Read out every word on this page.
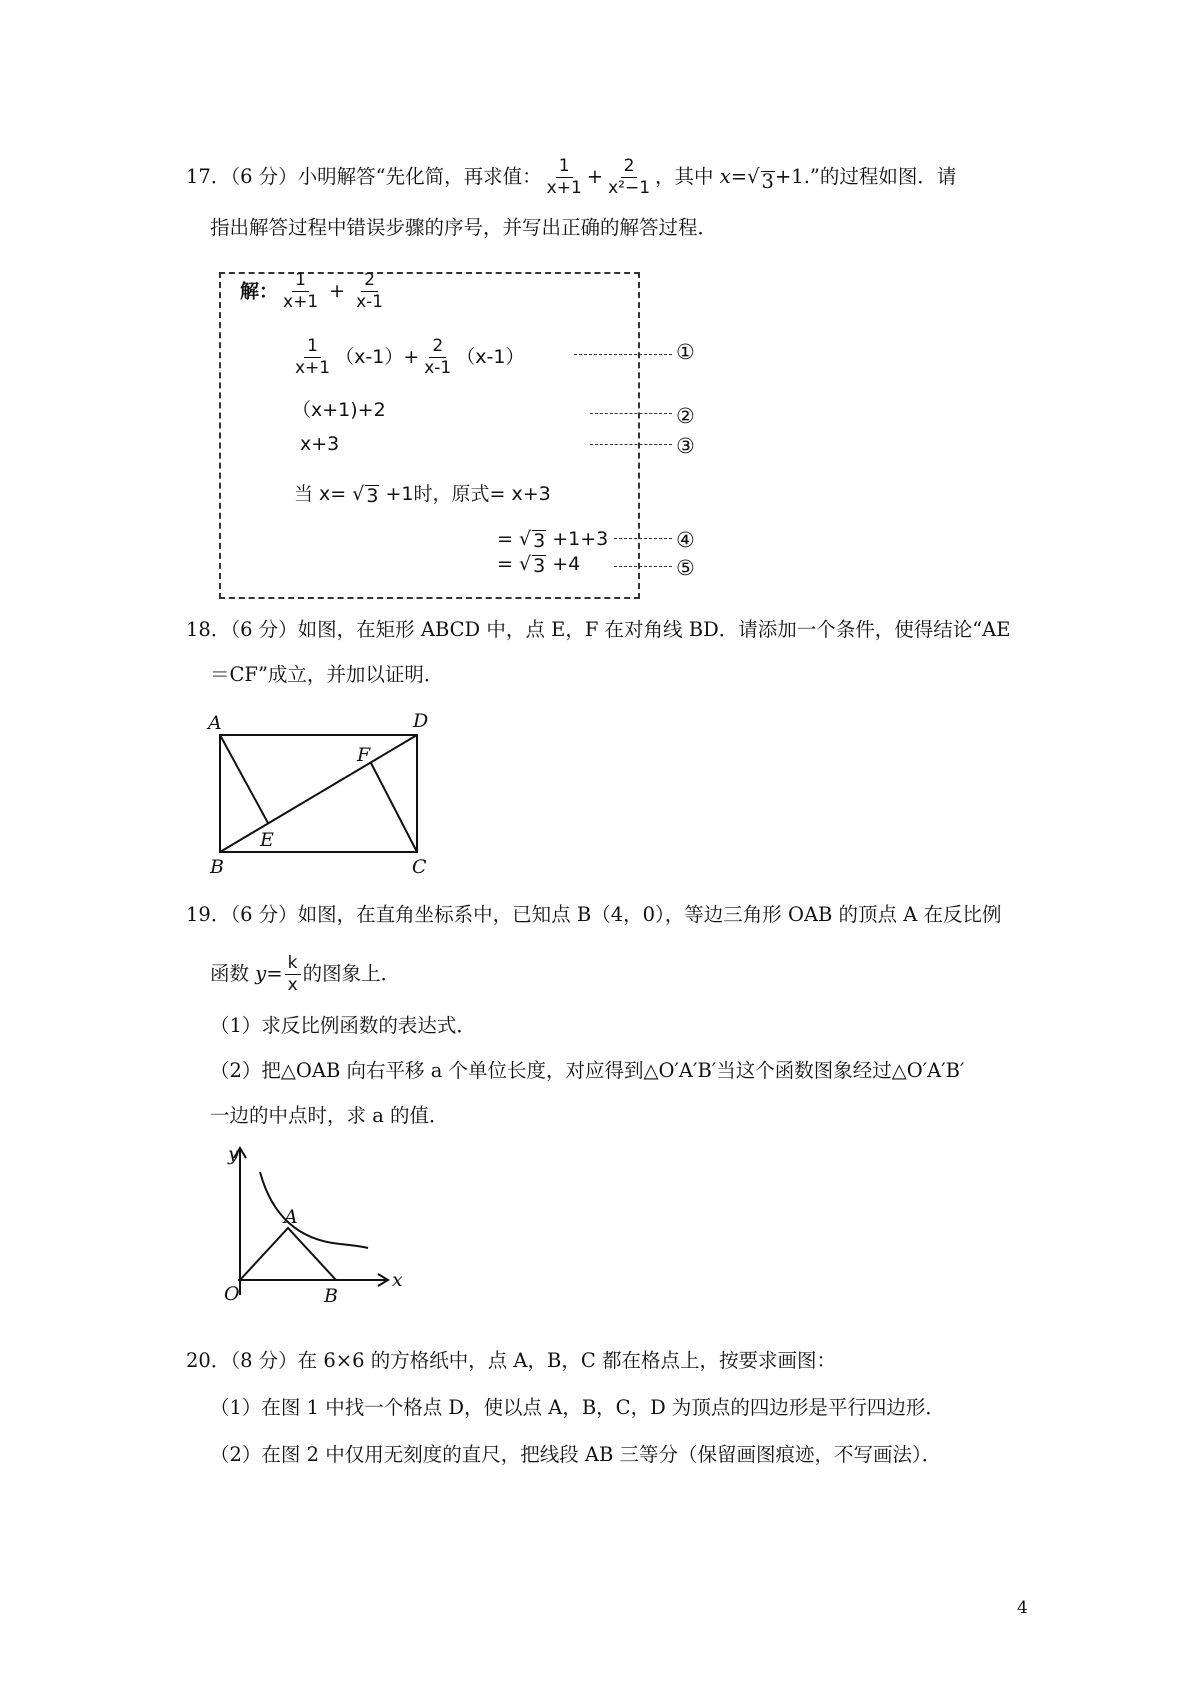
17．（6 分）小明解答“先化简，再求值： $\frac{1}{x+1} + \frac{2}{\text{x²−1}}$ ，其中 x= √ 3 +1.”的过程如图．请
指出解答过程中错误步骤的序号，并写出正确的解答过程．
解： $\frac{1}{x+1} + \frac{2}{x-1}$
$\frac{1}{x+1} (x-1)+ \frac{2}{x-1} (x-1)$
（x+1)+2
x+3
当 x= √ 3 +1时，原式= x+3
= √ 3 +1+3
= √ 3 +4
①
②
③
④
⑤
18．（6 分）如图，在矩形 ABCD 中，点 E，F 在对角线 BD．请添加一个条件，使得结论“AE
＝CF”成立，并加以证明．
A	D
B	C
E
F
19．（6 分）如图，在直角坐标系中，已知点 B（4，0），等边三角形 OAB 的顶点 A 在反比例
函数 $y= \frac{k}{x}$ 的图象上．
（1）求反比例函数的表达式．
（2）把△OAB 向右平移 a 个单位长度，对应得到△O′A′B′当这个函数图象经过△O′A′B′
一边的中点时，求 a 的值．
y
x
O
A
B
20．（8 分）在 6×6 的方格纸中，点 A，B，C 都在格点上，按要求画图：
（1）在图 1 中找一个格点 D，使以点 A，B，C，D 为顶点的四边形是平行四边形．
（2）在图 2 中仅用无刻度的直尺，把线段 AB 三等分（保留画图痕迹，不写画法）．
4
